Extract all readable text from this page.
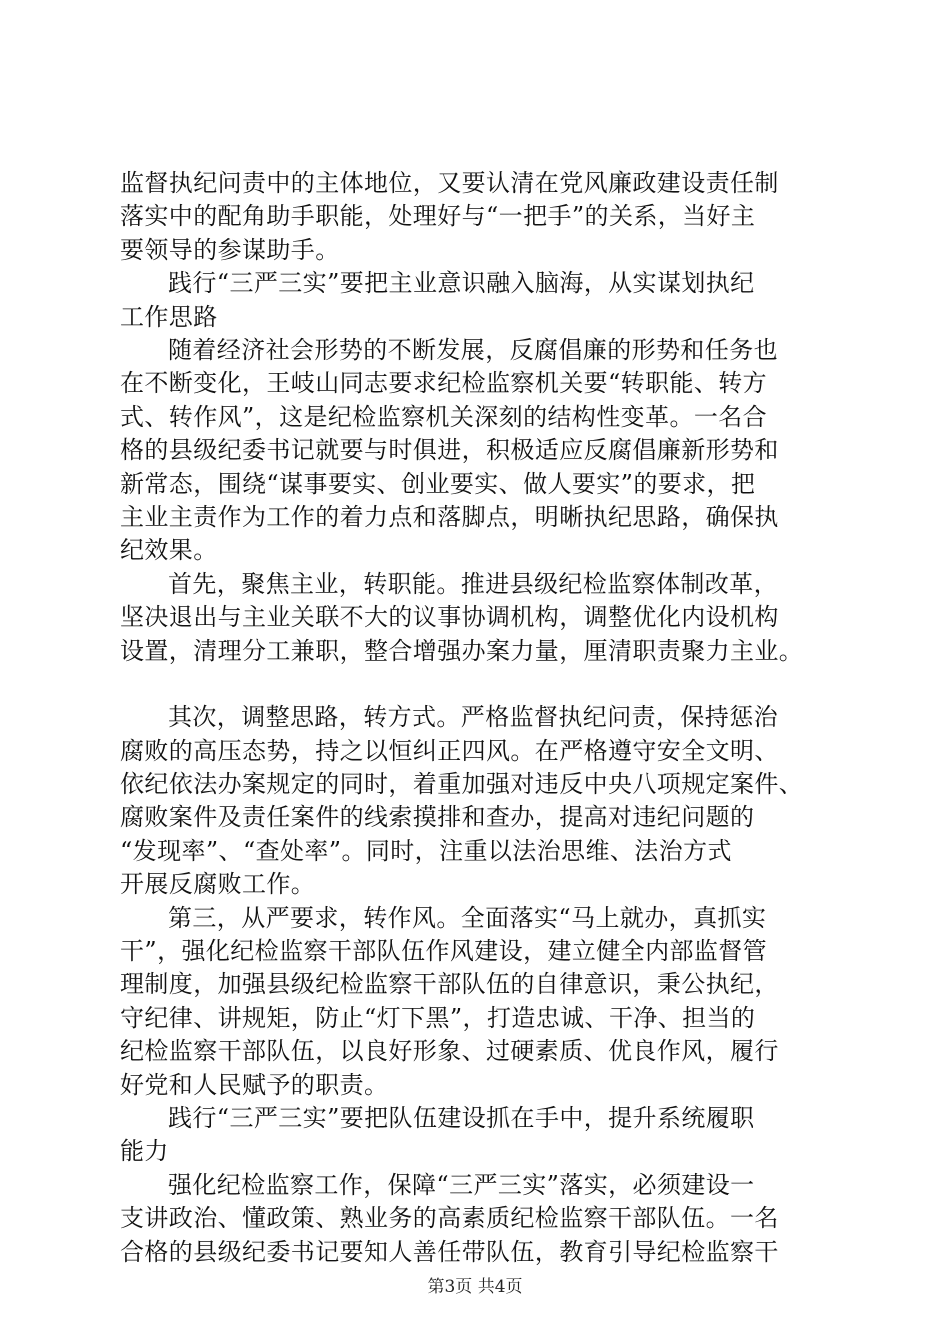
监督执纪问责中的主体地位，又要认清在党风廉政建设责任制
落实中的配角助手职能，处理好与“一把手”的关系，当好主
要领导的参谋助手。

践行“三严三实”要把主业意识融入脑海，从实谋划执纪
工作思路

随着经济社会形势的不断发展，反腐倡廉的形势和任务也
在不断变化，王岐山同志要求纪检监察机关要“转职能、转方
式、转作风”，这是纪检监察机关深刻的结构性变革。一名合
格的县级纪委书记就要与时俱进，积极适应反腐倡廉新形势和
新常态，围绕“谋事要实、创业要实、做人要实”的要求，把
主业主责作为工作的着力点和落脚点，明晰执纪思路，确保执
纪效果。

首先，聚焦主业，转职能。推进县级纪检监察体制改革，
坚决退出与主业关联不大的议事协调机构，调整优化内设机构
设置，清理分工兼职，整合增强办案力量，厘清职责聚力主业。

其次，调整思路，转方式。严格监督执纪问责，保持惩治
腐败的高压态势，持之以恒纠正四风。在严格遵守安全文明、
依纪依法办案规定的同时，着重加强对违反中央八项规定案件、
腐败案件及责任案件的线索摸排和查办，提高对违纪问题的
“发现率”、“查处率”。同时，注重以法治思维、法治方式
开展反腐败工作。

第三，从严要求，转作风。全面落实“马上就办，真抓实
干”，强化纪检监察干部队伍作风建设，建立健全内部监督管
理制度，加强县级纪检监察干部队伍的自律意识，秉公执纪，
守纪律、讲规矩，防止“灯下黑”，打造忠诚、干净、担当的
纪检监察干部队伍，以良好形象、过硬素质、优良作风，履行
好党和人民赋予的职责。

践行“三严三实”要把队伍建设抓在手中，提升系统履职
能力

强化纪检监察工作，保障“三严三实”落实，必须建设一
支讲政治、懂政策、熟业务的高素质纪检监察干部队伍。一名
合格的县级纪委书记要知人善任带队伍，教育引导纪检监察干

第3页 共4页
